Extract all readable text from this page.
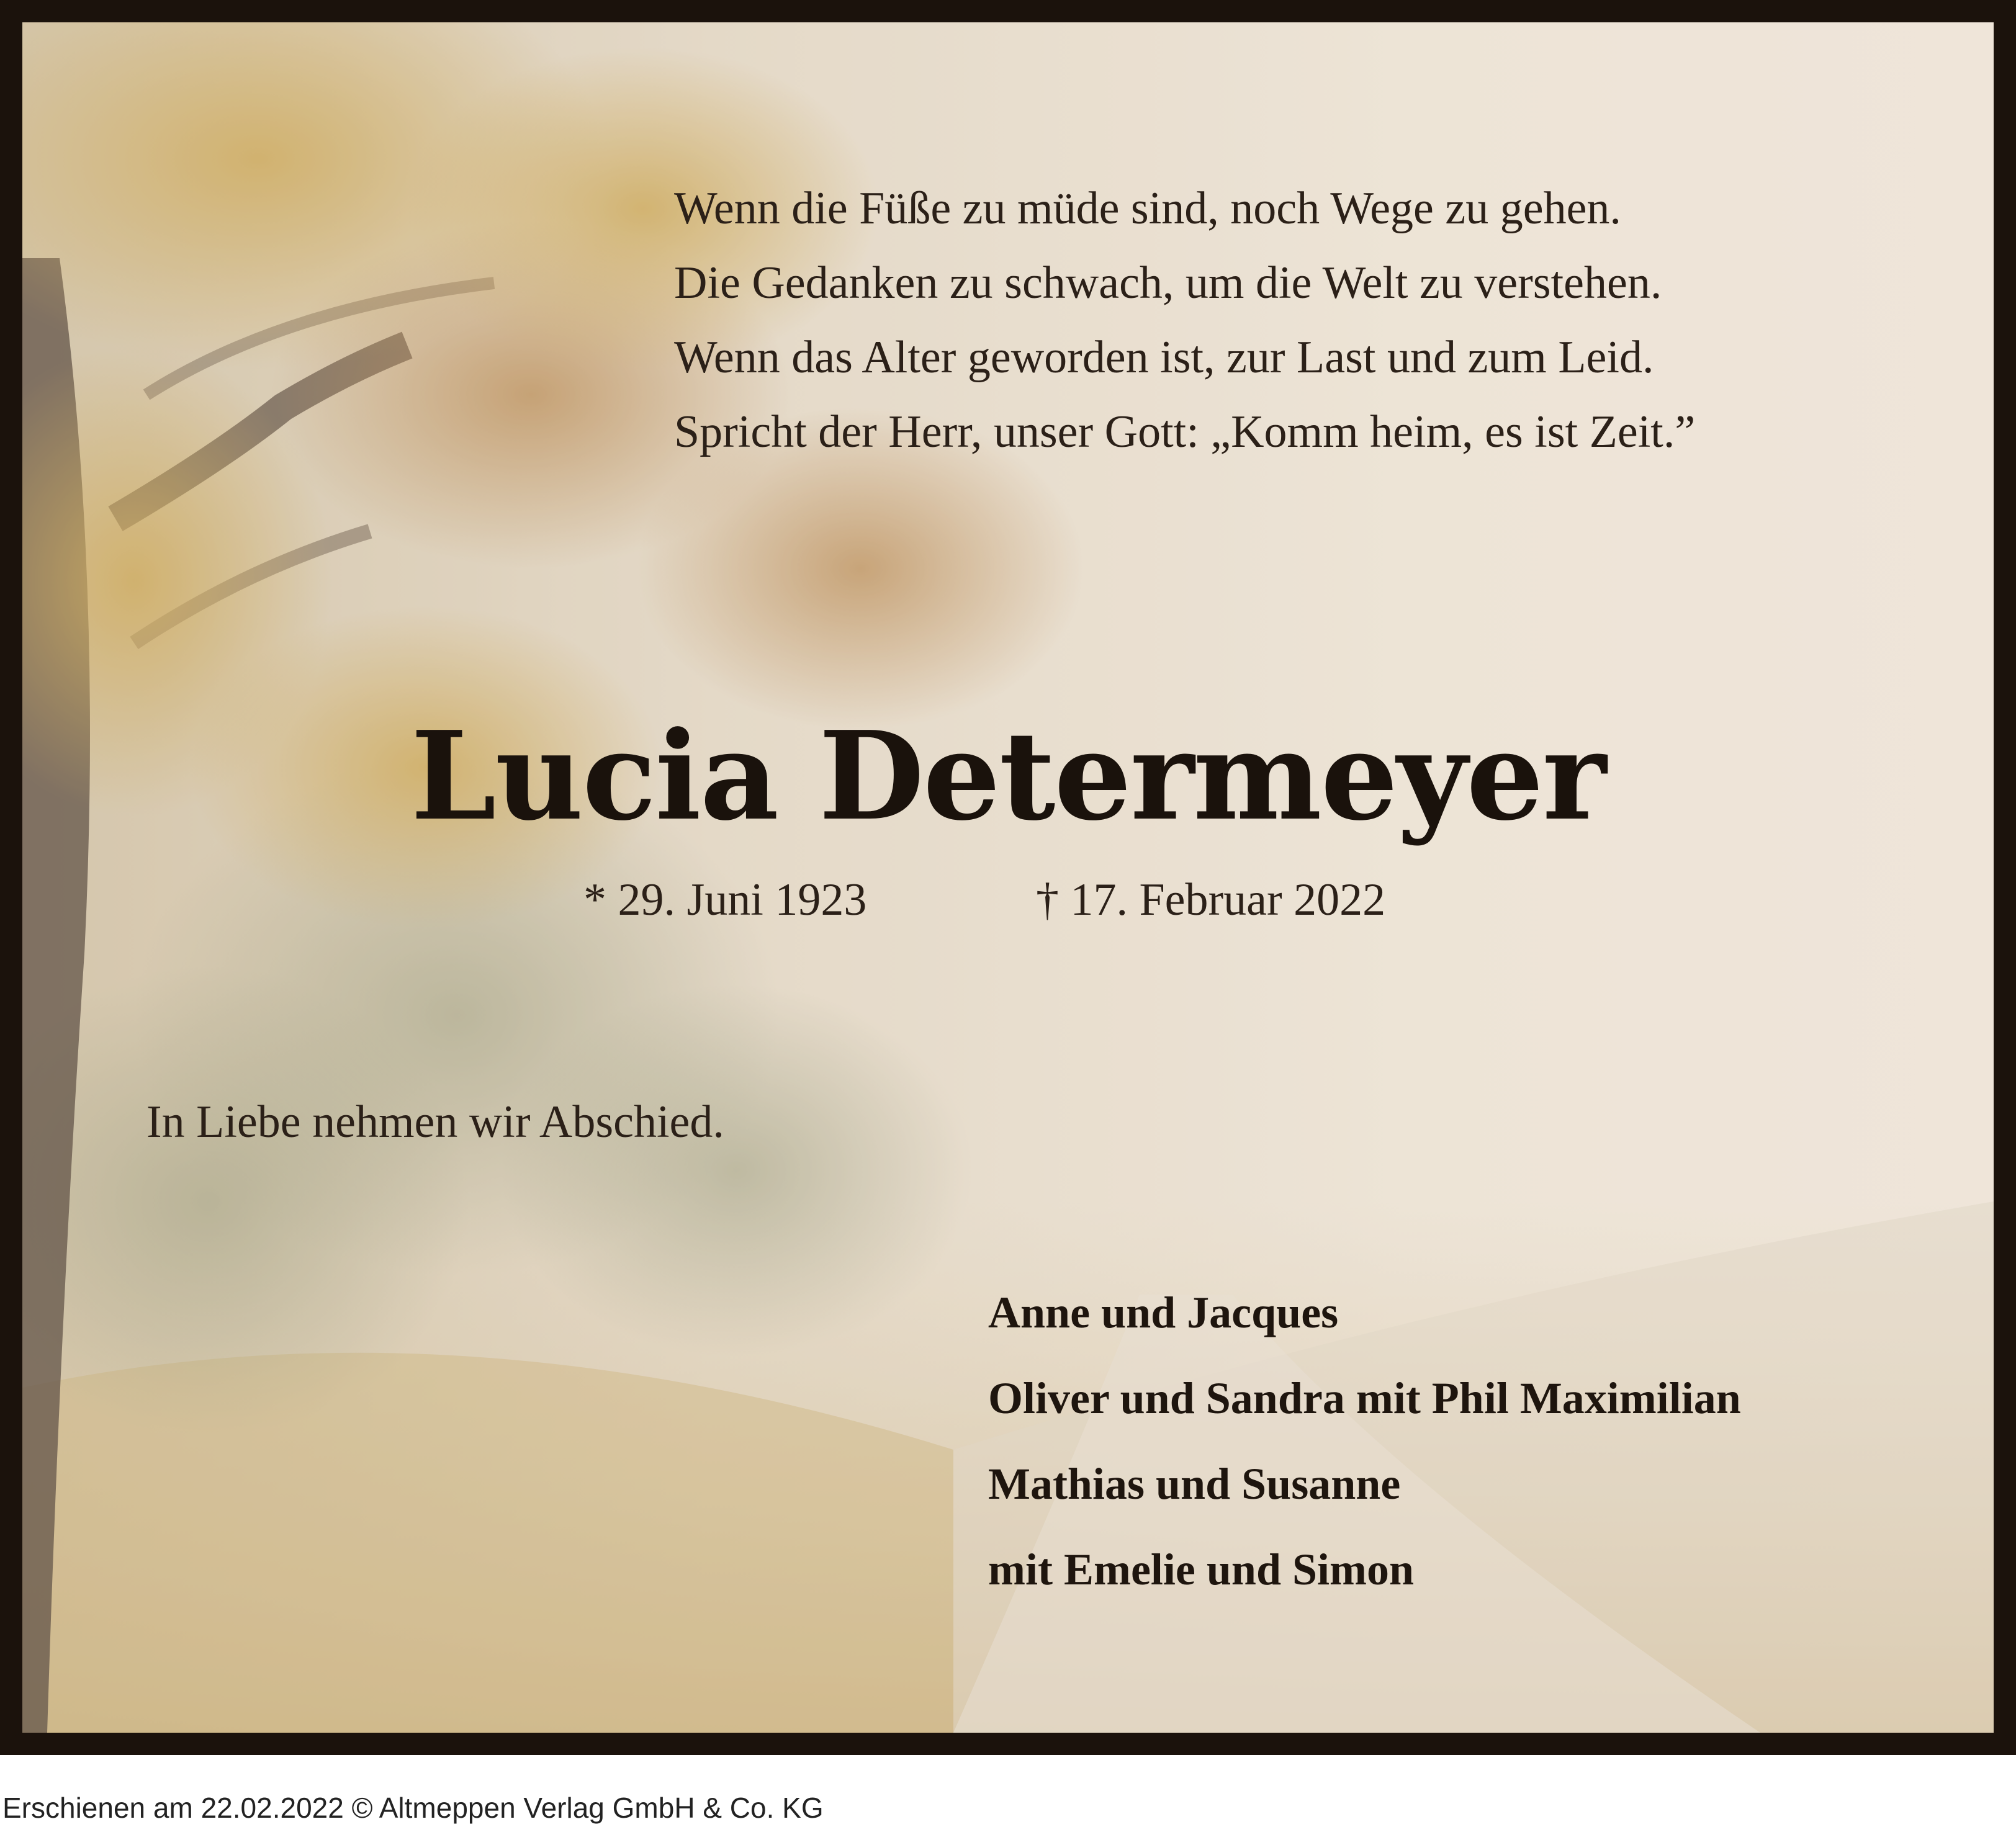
Wenn die Füße zu müde sind, noch Wege zu gehen.
Die Gedanken zu schwach, um die Welt zu verstehen.
Wenn das Alter geworden ist, zur Last und zum Leid.
Spricht der Herr, unser Gott: „Komm heim, es ist Zeit.”
Lucia Determeyer
* 29. Juni 1923	† 17. Februar 2022
In Liebe nehmen wir Abschied.
Anne und Jacques
Oliver und Sandra mit Phil Maximilian
Mathias und Susanne
mit Emelie und Simon
Erschienen am 22.02.2022 © Altmeppen Verlag GmbH & Co. KG
